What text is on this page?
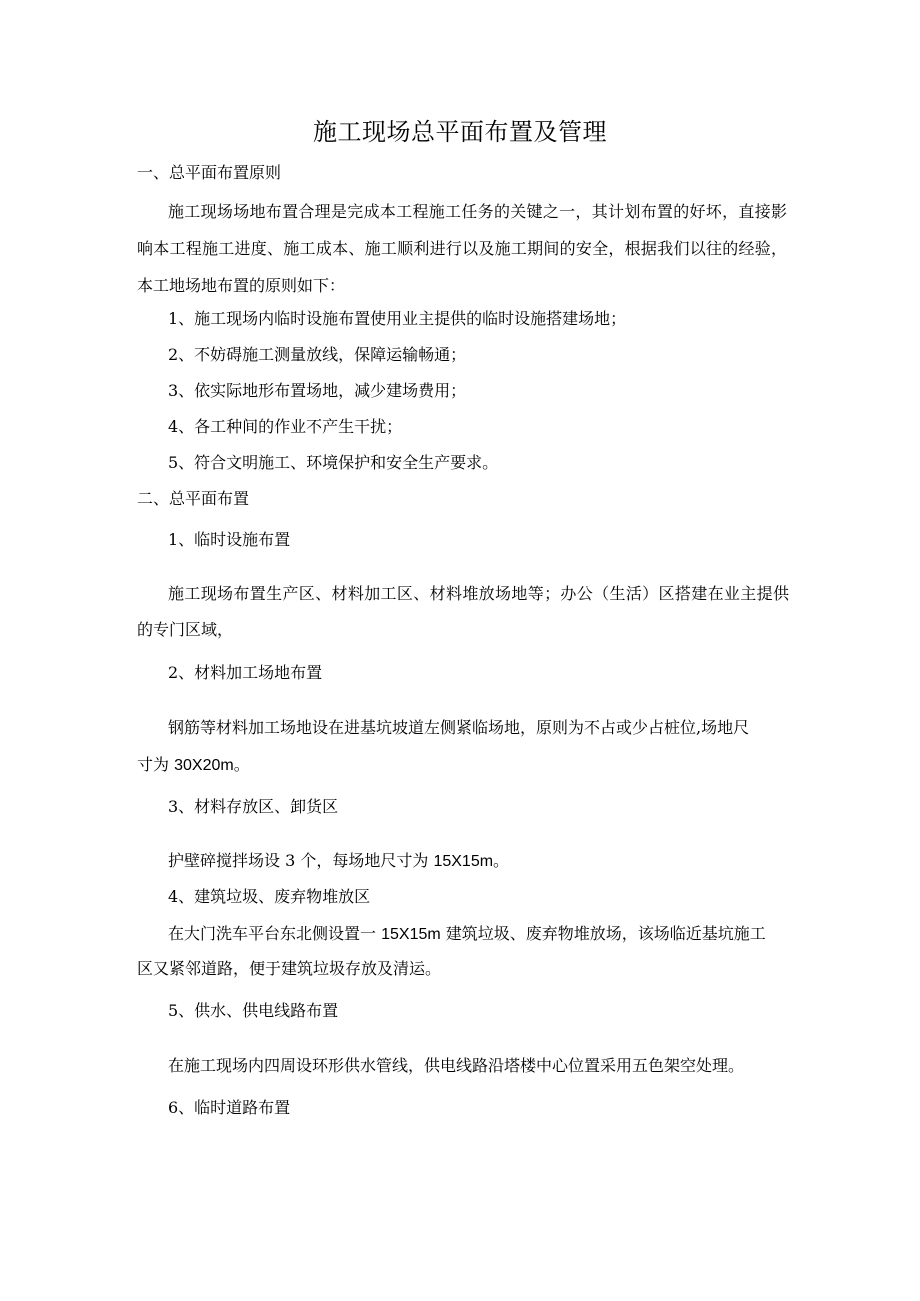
施工现场总平面布置及管理
一、总平面布置原则
施工现场场地布置合理是完成本工程施工任务的关键之一，其计划布置的好坏，直接影响本工程施工进度、施工成本、施工顺利进行以及施工期间的安全，根据我们以往的经验，本工地场地布置的原则如下：
1、施工现场内临时设施布置使用业主提供的临时设施搭建场地；
2、不妨碍施工测量放线，保障运输畅通；
3、依实际地形布置场地，减少建场费用；
4、各工种间的作业不产生干扰；
5、符合文明施工、环境保护和安全生产要求。
二、总平面布置
1、临时设施布置
施工现场布置生产区、材料加工区、材料堆放场地等；办公（生活）区搭建在业主提供的专门区域，
2、材料加工场地布置
钢筋等材料加工场地设在进基坑坡道左侧紧临场地，原则为不占或少占桩位,场地尺
寸为 30X20m。
3、材料存放区、卸货区
护壁碎搅拌场设 3 个，每场地尺寸为 15X15m。
4、建筑垃圾、废弃物堆放区
在大门洗车平台东北侧设置一 15X15m 建筑垃圾、废弃物堆放场，该场临近基坑施工
区又紧邻道路，便于建筑垃圾存放及清运。
5、供水、供电线路布置
在施工现场内四周设环形供水管线，供电线路沿塔楼中心位置采用五色架空处理。
6、临时道路布置
